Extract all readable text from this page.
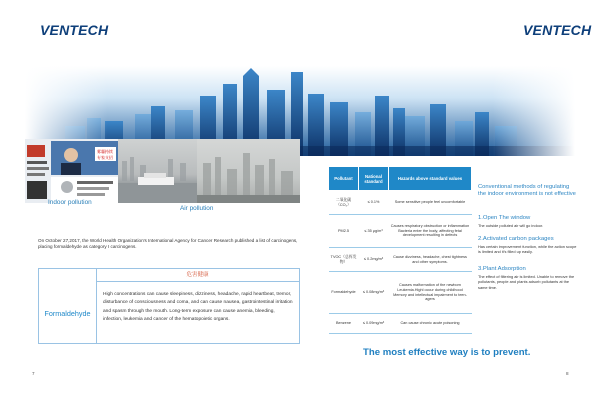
VENTECH	VENTECH
雾霾持续
专家支招
Indoor pollution
Air pollution
On October 27,2017, the World Health Organization's International Agency for Cancer Research published a list of carcinogens, placing formaldehyde as category I carcinogens.
危害健康
Formaldehyde
High concentrations can cause sleepiness, dizziness, headache, rapid heartbeat, tremor, disturbance of consciousness and coma, and can cause nausea, gastrointestinal irritation and spasm through the mouth. Long-term exposure can cause anemia, bleeding, infection, leukemia and cancer of the hematopoietic organs.
7	8
Pollutant	National standard	Hazards above standard values
二氧化碳（CO₂）	≤ 0.1%	Some sensitive people feel uncomfortable
PM2.5	≤ 35 μg/m³	Causes respiratory obstruction or inflammation Bacteria enter the body, affecting fetal development resulting in defects
TVOC（总挥发物）	≤ 0.2mg/m³	Cause dizziness, headache, chest tightness and other symptoms.
Formaldehyde	≤ 0.08mg/m³	Causes malformation of the newborn Leukemia.Highl occur during childhood Memory and intellectual impairment to teen-agers
Benzene	≤ 0.09mg/m³	Can cause chronic acute poisoning
Conventional methods of regulating the indoor environment is not effective
1.Open The window
The outside polluted air will go indoor.
2.Activated carbon packages
Has certain improvement function, while the action scope is limited and it's filled up easily.
3.Plant Adsorption
The effect of filtering air is limited. Unable to remove the pollutants, people and plants adsorb pollutants at the same time.
The most effective way is to prevent.
